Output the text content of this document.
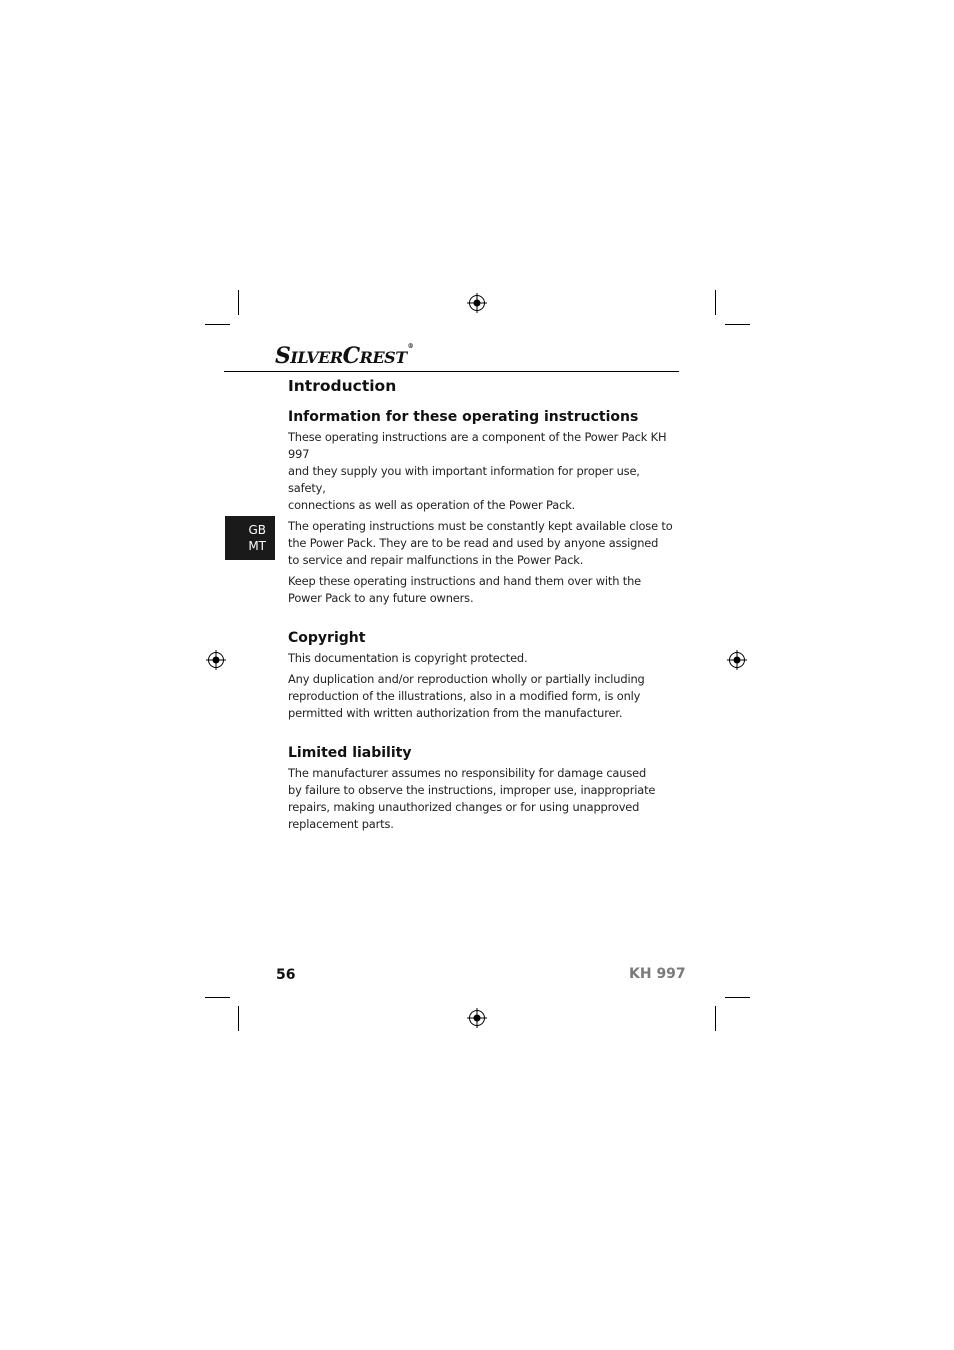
SILVERCREST®
GB
MT
Introduction
Information for these operating instructions

These operating instructions are a component of the Power Pack KH 997
and they supply you with important information for proper use, safety,
connections as well as operation of the Power Pack.

The operating instructions must be constantly kept available close to
the Power Pack. They are to be read and used by anyone assigned
to service and repair malfunctions in the Power Pack.

Keep these operating instructions and hand them over with the
Power Pack to any future owners.

Copyright

This documentation is copyright protected.

Any duplication and/or reproduction wholly or partially including
reproduction of the illustrations, also in a modified form, is only
permitted with written authorization from the manufacturer.

Limited liability

The manufacturer assumes no responsibility for damage caused
by failure to observe the instructions, improper use, inappropriate
repairs, making unauthorized changes or for using unapproved
replacement parts.

56	KH 997
